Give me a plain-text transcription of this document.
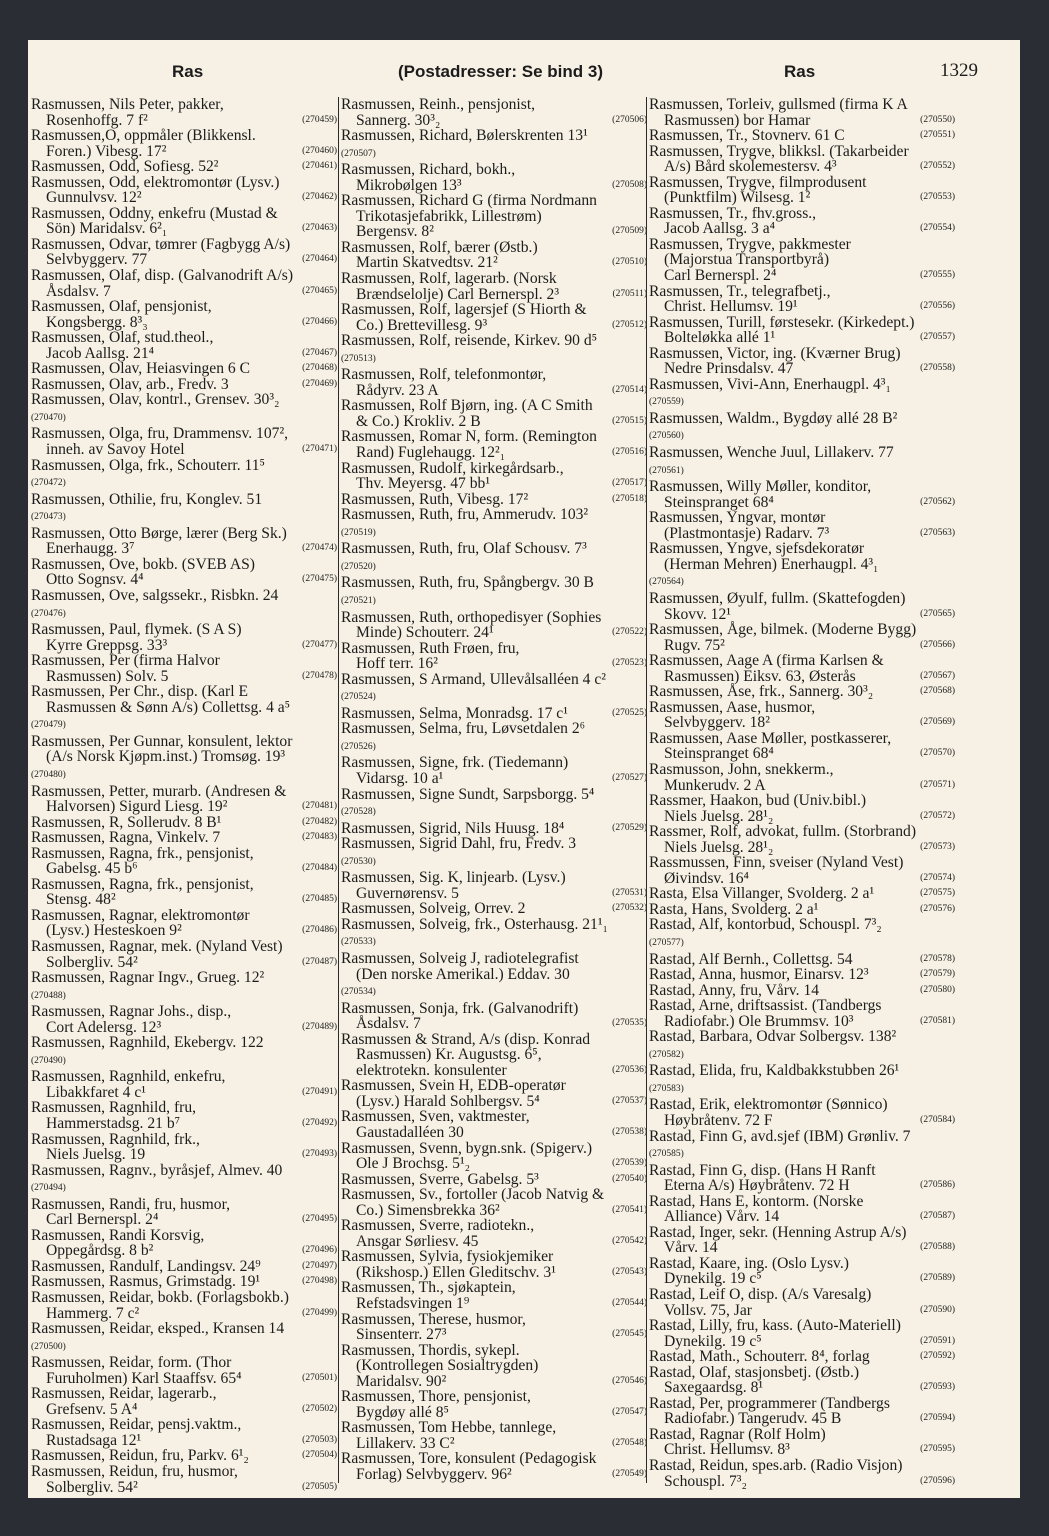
Ras	(Postadresser: Se bind 3)	Ras	1329
Rasmussen, Nils Peter, pakker,
Rosenhoffg. 7 f²	(270459)
Rasmussen,O, oppmåler (Blikkensl.
Foren.) Vibesg. 17²	(270460)
Rasmussen, Odd, Sofiesg. 52²	(270461)
Rasmussen, Odd, elektromontør (Lysv.)
Gunnulvsv. 12²	(270462)
Rasmussen, Oddny, enkefru (Mustad &
Sön) Maridalsv. 6²₁	(270463)
Rasmussen, Odvar, tømrer (Fagbygg A/s)
Selvbyggerv. 77	(270464)
Rasmussen, Olaf, disp. (Galvanodrift A/s)
Åsdalsv. 7	(270465)
Rasmussen, Olaf, pensjonist,
Kongsbergg. 8³₃	(270466)
Rasmussen, Olaf, stud.theol.,
Jacob Aallsg. 21⁴	(270467)
Rasmussen, Olav, Heiasvingen 6 C	(270468)
Rasmussen, Olav, arb., Fredv. 3	(270469)
Rasmussen, Olav, kontrl., Grensev. 30³₂
(270470)
Rasmussen, Olga, fru, Drammensv. 107²,
inneh. av Savoy Hotel	(270471)
Rasmussen, Olga, frk., Schouterr. 11⁵
(270472)
Rasmussen, Othilie, fru, Konglev. 51
(270473)
Rasmussen, Otto Børge, lærer (Berg Sk.)
Enerhaugg. 3⁷	(270474)
Rasmussen, Ove, bokb. (SVEB AS)
Otto Sognsv. 4⁴	(270475)
Rasmussen, Ove, salgssekr., Risbkn. 24
(270476)
Rasmussen, Paul, flymek. (S A S)
Kyrre Greppsg. 33³	(270477)
Rasmussen, Per (firma Halvor
Rasmussen) Solv. 5	(270478)
Rasmussen, Per Chr., disp. (Karl E
Rasmussen & Sønn A/s) Collettsg. 4 a⁵
(270479)
Rasmussen, Per Gunnar, konsulent, lektor
(A/s Norsk Kjøpm.inst.) Tromsøg. 19³
(270480)
Rasmussen, Petter, murarb. (Andresen &
Halvorsen) Sigurd Liesg. 19²	(270481)
Rasmussen, R, Sollerudv. 8 B¹	(270482)
Rasmussen, Ragna, Vinkelv. 7	(270483)
Rasmussen, Ragna, frk., pensjonist,
Gabelsg. 45 b⁶	(270484)
Rasmussen, Ragna, frk., pensjonist,
Stensg. 48²	(270485)
Rasmussen, Ragnar, elektromontør
(Lysv.) Hesteskoen 9²	(270486)
Rasmussen, Ragnar, mek. (Nyland Vest)
Solbergliv. 54²	(270487)
Rasmussen, Ragnar Ingv., Grueg. 12²
(270488)
Rasmussen, Ragnar Johs., disp.,
Cort Adelersg. 12³	(270489)
Rasmussen, Ragnhild, Ekebergv. 122
(270490)
Rasmussen, Ragnhild, enkefru,
Libakkfaret 4 c¹	(270491)
Rasmussen, Ragnhild, fru,
Hammerstadsg. 21 b⁷	(270492)
Rasmussen, Ragnhild, frk.,
Niels Juelsg. 19	(270493)
Rasmussen, Ragnv., byråsjef, Almev. 40
(270494)
Rasmussen, Randi, fru, husmor,
Carl Bernerspl. 2⁴	(270495)
Rasmussen, Randi Korsvig,
Oppegårdsg. 8 b²	(270496)
Rasmussen, Randulf, Landingsv. 24⁹	(270497)
Rasmussen, Rasmus, Grimstadg. 19¹	(270498)
Rasmussen, Reidar, bokb. (Forlagsbokb.)
Hammerg. 7 c²	(270499)
Rasmussen, Reidar, eksped., Kransen 14
(270500)
Rasmussen, Reidar, form. (Thor
Furuholmen) Karl Staaffsv. 65⁴	(270501)
Rasmussen, Reidar, lagerarb.,
Grefsenv. 5 A⁴	(270502)
Rasmussen, Reidar, pensj.vaktm.,
Rustadsaga 12¹	(270503)
Rasmussen, Reidun, fru, Parkv. 6¹₂	(270504)
Rasmussen, Reidun, fru, husmor,
Solbergliv. 54²	(270505)
Rasmussen, Reinh., pensjonist,
Sannerg. 30³₂	(270506)
Rasmussen, Richard, Bølerskrenten 13¹
(270507)
Rasmussen, Richard, bokh.,
Mikrobølgen 13³	(270508)
Rasmussen, Richard G (firma Nordmann
Trikotasjefabrikk, Lillestrøm)
Bergensv. 8²	(270509)
Rasmussen, Rolf, bærer (Østb.)
Martin Skatvedtsv. 21²	(270510)
Rasmussen, Rolf, lagerarb. (Norsk
Brændselolje) Carl Bernerspl. 2³	(270511)
Rasmussen, Rolf, lagersjef (S Hiorth &
Co.) Brettevillesg. 9³	(270512)
Rasmussen, Rolf, reisende, Kirkev. 90 d⁵
(270513)
Rasmussen, Rolf, telefonmontør,
Rådyrv. 23 A	(270514)
Rasmussen, Rolf Bjørn, ing. (A C Smith
& Co.) Krokliv. 2 B	(270515)
Rasmussen, Romar N, form. (Remington
Rand) Fuglehaugg. 12²₁	(270516)
Rasmussen, Rudolf, kirkegårdsarb.,
Thv. Meyersg. 47 bb¹	(270517)
Rasmussen, Ruth, Vibesg. 17²	(270518)
Rasmussen, Ruth, fru, Ammerudv. 103²
(270519)
Rasmussen, Ruth, fru, Olaf Schousv. 7³
(270520)
Rasmussen, Ruth, fru, Spångbergv. 30 B
(270521)
Rasmussen, Ruth, orthopedisyer (Sophies
Minde) Schouterr. 24¹	(270522)
Rasmussen, Ruth Frøen, fru,
Hoff terr. 16²	(270523)
Rasmussen, S Armand, Ullevålsalléen 4 c²
(270524)
Rasmussen, Selma, Monradsg. 17 c¹	(270525)
Rasmussen, Selma, fru, Løvsetdalen 2⁶
(270526)
Rasmussen, Signe, frk. (Tiedemann)
Vidarsg. 10 a¹	(270527)
Rasmussen, Signe Sundt, Sarpsborgg. 5⁴
(270528)
Rasmussen, Sigrid, Nils Huusg. 18⁴	(270529)
Rasmussen, Sigrid Dahl, fru, Fredv. 3
(270530)
Rasmussen, Sig. K, linjearb. (Lysv.)
Guvernørensv. 5	(270531)
Rasmussen, Solveig, Orrev. 2	(270532)
Rasmussen, Solveig, frk., Osterhausg. 21¹₁
(270533)
Rasmussen, Solveig J, radiotelegrafist
(Den norske Amerikal.) Eddav. 30
(270534)
Rasmussen, Sonja, frk. (Galvanodrift)
Åsdalsv. 7	(270535)
Rasmussen & Strand, A/s (disp. Konrad
Rasmussen) Kr. Augustsg. 6⁵,
elektrotekn. konsulenter	(270536)
Rasmussen, Svein H, EDB-operatør
(Lysv.) Harald Sohlbergsv. 5⁴	(270537)
Rasmussen, Sven, vaktmester,
Gaustadalléen 30	(270538)
Rasmussen, Svenn, bygn.snk. (Spigerv.)
Ole J Brochsg. 5¹₂	(270539)
Rasmussen, Sverre, Gabelsg. 5³	(270540)
Rasmussen, Sv., fortoller (Jacob Natvig &
Co.) Simensbrekka 36²	(270541)
Rasmussen, Sverre, radiotekn.,
Ansgar Sørliesv. 45	(270542)
Rasmussen, Sylvia, fysiokjemiker
(Rikshosp.) Ellen Gleditschv. 3¹	(270543)
Rasmussen, Th., sjøkaptein,
Refstadsvingen 1⁹	(270544)
Rasmussen, Therese, husmor,
Sinsenterr. 27³	(270545)
Rasmussen, Thordis, sykepl.
(Kontrollegen Sosialtrygden)
Maridalsv. 90²	(270546)
Rasmussen, Thore, pensjonist,
Bygdøy allé 8⁵	(270547)
Rasmussen, Tom Hebbe, tannlege,
Lillakerv. 33 C²	(270548)
Rasmussen, Tore, konsulent (Pedagogisk
Forlag) Selvbyggerv. 96²	(270549)
Rasmussen, Torleiv, gullsmed (firma K A
Rasmussen) bor Hamar	(270550)
Rasmussen, Tr., Stovnerv. 61 C	(270551)
Rasmussen, Trygve, blikksl. (Takarbeider
A/s) Bård skolemestersv. 4³	(270552)
Rasmussen, Trygve, filmprodusent
(Punktfilm) Wilsesg. 1²	(270553)
Rasmussen, Tr., fhv.gross.,
Jacob Aallsg. 3 a⁴	(270554)
Rasmussen, Trygve, pakkmester
(Majorstua Transportbyrå)
Carl Bernerspl. 2⁴	(270555)
Rasmussen, Tr., telegrafbetj.,
Christ. Hellumsv. 19¹	(270556)
Rasmussen, Turill, førstesekr. (Kirkedept.)
Bolteløkka allé 1¹	(270557)
Rasmussen, Victor, ing. (Kværner Brug)
Nedre Prinsdalsv. 47	(270558)
Rasmussen, Vivi-Ann, Enerhaugpl. 4³₁
(270559)
Rasmussen, Waldm., Bygdøy allé 28 B²
(270560)
Rasmussen, Wenche Juul, Lillakerv. 77
(270561)
Rasmussen, Willy Møller, konditor,
Steinspranget 68⁴	(270562)
Rasmussen, Yngvar, montør
(Plastmontasje) Radarv. 7³	(270563)
Rasmussen, Yngve, sjefsdekoratør
(Herman Mehren) Enerhaugpl. 4³₁
(270564)
Rasmussen, Øyulf, fullm. (Skattefogden)
Skovv. 12¹	(270565)
Rasmussen, Åge, bilmek. (Moderne Bygg)
Rugv. 75²	(270566)
Rasmussen, Aage A (firma Karlsen &
Rasmussen) Eiksv. 63, Østerås	(270567)
Rasmussen, Åse, frk., Sannerg. 30³₂	(270568)
Rasmussen, Aase, husmor,
Selvbyggerv. 18²	(270569)
Rasmussen, Aase Møller, postkasserer,
Steinspranget 68⁴	(270570)
Rasmusson, John, snekkerm.,
Munkerudv. 2 A	(270571)
Rassmer, Haakon, bud (Univ.bibl.)
Niels Juelsg. 28¹₂	(270572)
Rassmer, Rolf, advokat, fullm. (Storbrand)
Niels Juelsg. 28¹₂	(270573)
Rassmussen, Finn, sveiser (Nyland Vest)
Øivindsv. 16⁴	(270574)
Rasta, Elsa Villanger, Svolderg. 2 a¹	(270575)
Rasta, Hans, Svolderg. 2 a¹	(270576)
Rastad, Alf, kontorbud, Schouspl. 7³₂
(270577)
Rastad, Alf Bernh., Collettsg. 54	(270578)
Rastad, Anna, husmor, Einarsv. 12³	(270579)
Rastad, Anny, fru, Vårv. 14	(270580)
Rastad, Arne, driftsassist. (Tandbergs
Radiofabr.) Ole Brummsv. 10³	(270581)
Rastad, Barbara, Odvar Solbergsv. 138²
(270582)
Rastad, Elida, fru, Kaldbakkstubben 26¹
(270583)
Rastad, Erik, elektromontør (Sønnico)
Høybråtenv. 72 F	(270584)
Rastad, Finn G, avd.sjef (IBM) Grønliv. 7
(270585)
Rastad, Finn G, disp. (Hans H Ranft
Eterna A/s) Høybråtenv. 72 H	(270586)
Rastad, Hans E, kontorm. (Norske
Alliance) Vårv. 14	(270587)
Rastad, Inger, sekr. (Henning Astrup A/s)
Vårv. 14	(270588)
Rastad, Kaare, ing. (Oslo Lysv.)
Dynekilg. 19 c⁵	(270589)
Rastad, Leif O, disp. (A/s Varesalg)
Vollsv. 75, Jar	(270590)
Rastad, Lilly, fru, kass. (Auto-Materiell)
Dynekilg. 19 c⁵	(270591)
Rastad, Math., Schouterr. 8⁴, forlag	(270592)
Rastad, Olaf, stasjonsbetj. (Østb.)
Saxegaardsg. 8¹	(270593)
Rastad, Per, programmerer (Tandbergs
Radiofabr.) Tangerudv. 45 B	(270594)
Rastad, Ragnar (Rolf Holm)
Christ. Hellumsv. 8³	(270595)
Rastad, Reidun, spes.arb. (Radio Visjon)
Schouspl. 7³₂	(270596)
